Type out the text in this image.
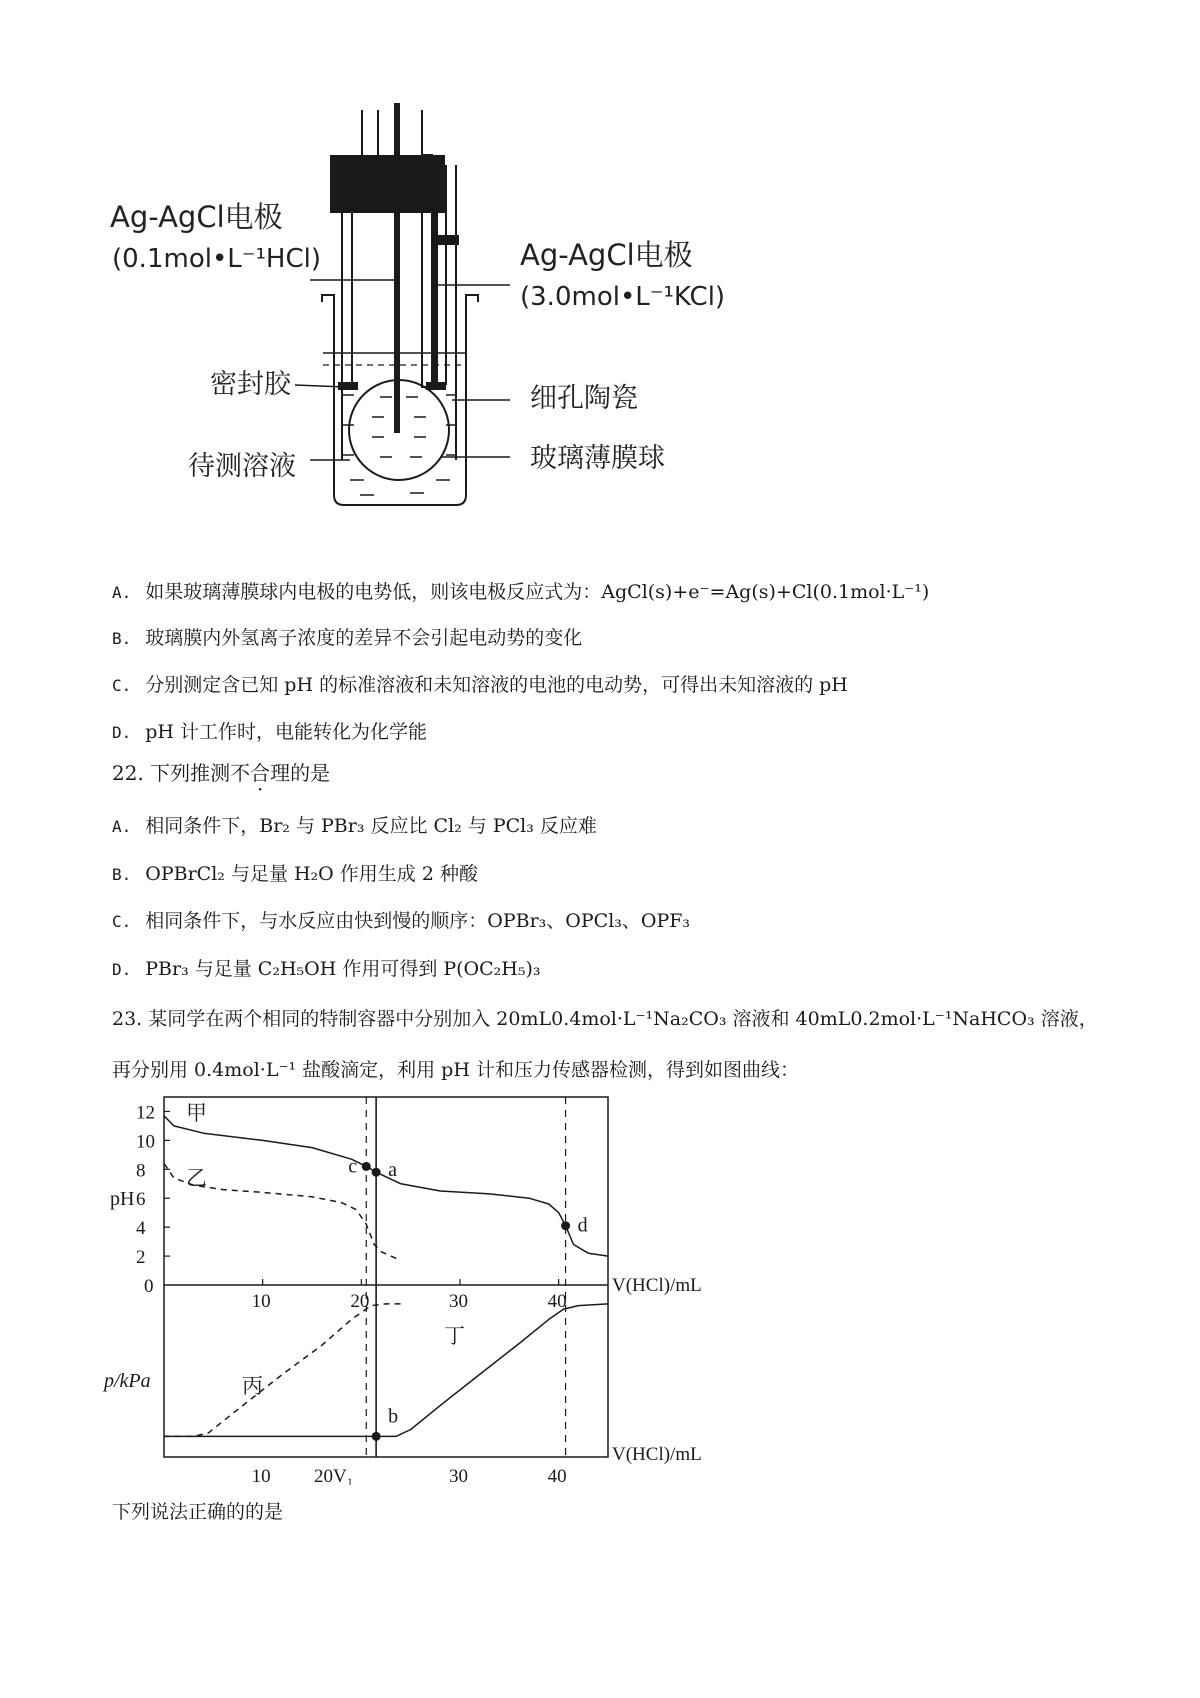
Ag-AgCl电极
(0.1mol•L⁻¹HCl)	Ag-AgCl电极
(3.0mol•L⁻¹KCl)
密封胶
待测溶液
细孔陶瓷
玻璃薄膜球
A. 如果玻璃薄膜球内电极的电势低，则该电极反应式为：AgCl(s)+e⁻=Ag(s)+Cl(0.1mol·L⁻¹)
B. 玻璃膜内外氢离子浓度的差异不会引起电动势的变化
C. 分别测定含已知 pH 的标准溶液和未知溶液的电池的电动势，可得出未知溶液的 pH
D. pH 计工作时，电能转化为化学能
22. 下列推测不合理的是
A. 相同条件下，Br₂ 与 PBr₃ 反应比 Cl₂ 与 PCl₃ 反应难
B. OPBrCl₂ 与足量 H₂O 作用生成 2 种酸
C. 相同条件下，与水反应由快到慢的顺序：OPBr₃、OPCl₃、OPF₃
D. PBr₃ 与足量 C₂H₅OH 作用可得到 P(OC₂H₅)₃
23. 某同学在两个相同的特制容器中分别加入 20mL0.4mol·L⁻¹Na₂CO₃ 溶液和 40mL0.2mol·L⁻¹NaHCO₃ 溶液，
再分别用 0.4mol·L⁻¹ 盐酸滴定，利用 pH 计和压力传感器检测，得到如图曲线：
2
4
6
8
10
12
10	20	30	40
10	30	40
c a
d
b
pH
p/kPa
V(HCl)/mL
V(HCl)/mL
0
20V₁
甲
乙
丙
丁
下列说法正确的的是
